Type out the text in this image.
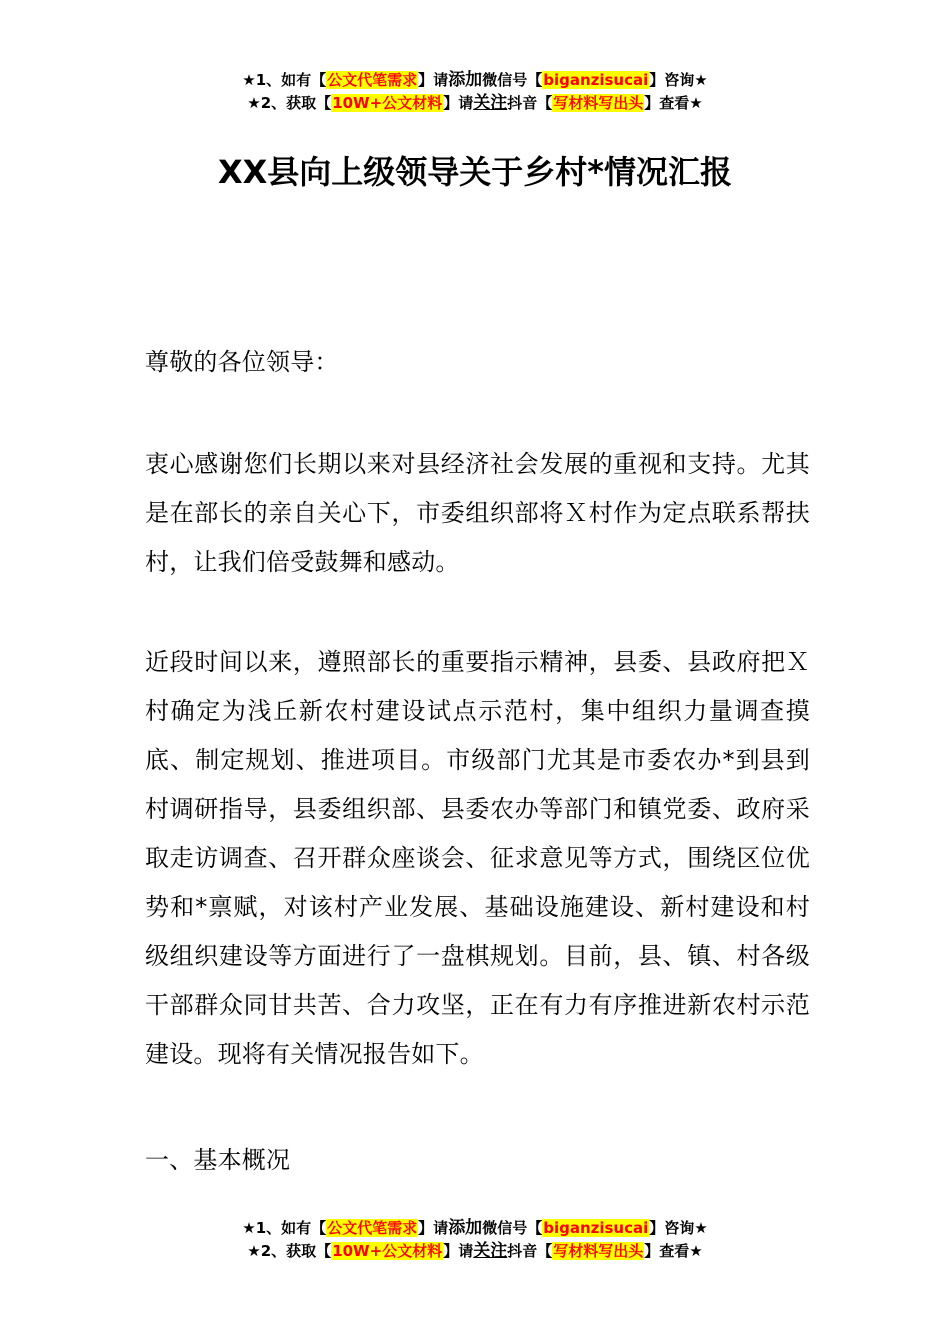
★1、如有【公文代笔需求】请添加微信号【biganzisucai】咨询★
★2、获取【10W+公文材料】请关注抖音【写材料写出头】查看★
XX县向上级领导关于乡村*情况汇报

尊敬的各位领导：

衷心感谢您们长期以来对县经济社会发展的重视和支持。尤其是在部长的亲自关心下，市委组织部将Ｘ村作为定点联系帮扶村，让我们倍受鼓舞和感动。

近段时间以来，遵照部长的重要指示精神，县委、县政府把Ｘ村确定为浅丘新农村建设试点示范村，集中组织力量调查摸底、制定规划、推进项目。市级部门尤其是市委农办*到县到村调研指导，县委组织部、县委农办等部门和镇党委、政府采取走访调查、召开群众座谈会、征求意见等方式，围绕区位优势和*禀赋，对该村产业发展、基础设施建设、新村建设和村级组织建设等方面进行了一盘棋规划。目前，县、镇、村各级干部群众同甘共苦、合力攻坚，正在有力有序推进新农村示范建设。现将有关情况报告如下。

一、基本概况

★1、如有【公文代笔需求】请添加微信号【biganzisucai】咨询★
★2、获取【10W+公文材料】请关注抖音【写材料写出头】查看★
